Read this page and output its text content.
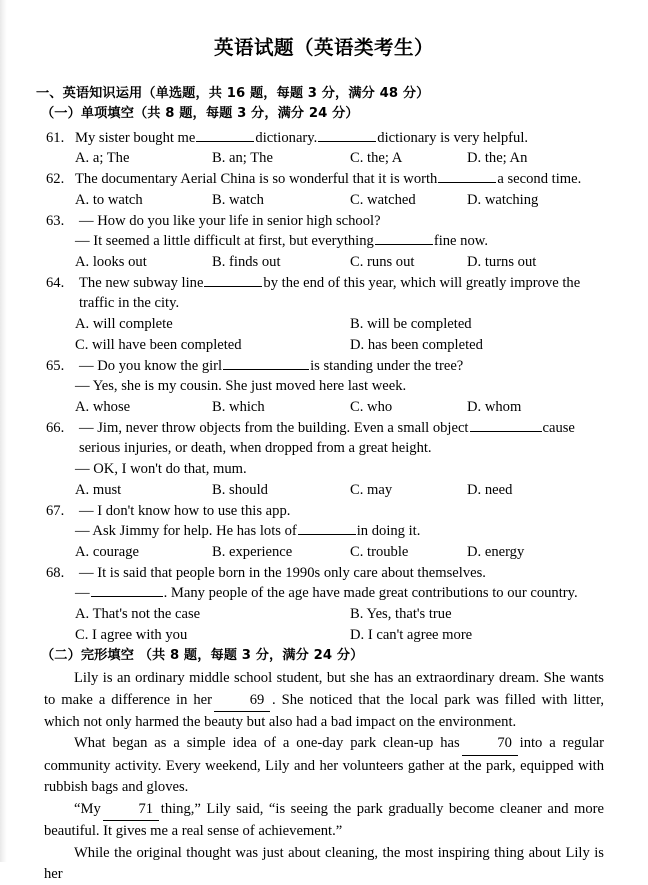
英语试题（英语类考生）
一、英语知识运用（单选题，共 16 题，每题 3 分，满分 48 分）
（一）单项填空（共 8 题，每题 3 分，满分 24 分）
61. My sister bought me	dictionary.	dictionary is very helpful.
A. a; The	B. an; The	C. the; A	D. the; An
62. The documentary Aerial China is so wonderful that it is worth	a second time.
A. to watch	B. watch	C. watched	D. watching
63.	— How do you like your life in senior high school?
— It seemed a little difficult at first, but everything	fine now.
A. looks out	B. finds out	C. runs out	D. turns out
64.	The new subway line	by the end of this year, which will greatly improve the traffic in the city.
A. will complete	B. will be completed
C. will have been completed	D. has been completed
65.	— Do you know the girl	is standing under the tree?
— Yes, she is my cousin. She just moved here last week.
A. whose	B. which	C. who	D. whom
66.	— Jim, never throw objects from the building. Even a small object	cause serious injuries, or death, when dropped from a great height.
— OK, I won't do that, mum.
A. must	B. should	C. may	D. need
67.	— I don't know how to use this app.
— Ask Jimmy for help. He has lots of	in doing it.
A. courage	B. experience	C. trouble	D. energy
68.	— It is said that people born in the 1990s only care about themselves.
—	. Many people of the age have made great contributions to our country.
A. That's not the case	B. Yes, that's true
C. I agree with you	D. I can't agree more
（二）完形填空 （共 8 题，每题 3 分，满分 24 分）

Lily is an ordinary middle school student, but she has an extraordinary dream. She wants to make a difference in her	69 . She noticed that the local park was filled with litter, which not only harmed the beauty but also had a bad impact on the environment.

What began as a simple idea of a one-day park clean-up has	70 into a regular community activity. Every weekend, Lily and her volunteers gather at the park, equipped with rubbish bags and gloves.

“My	71 thing,” Lily said, “is seeing the park gradually become cleaner and more beautiful. It gives me a real sense of achievement.”

While the original thought was just about cleaning, the most inspiring thing about Lily is her
